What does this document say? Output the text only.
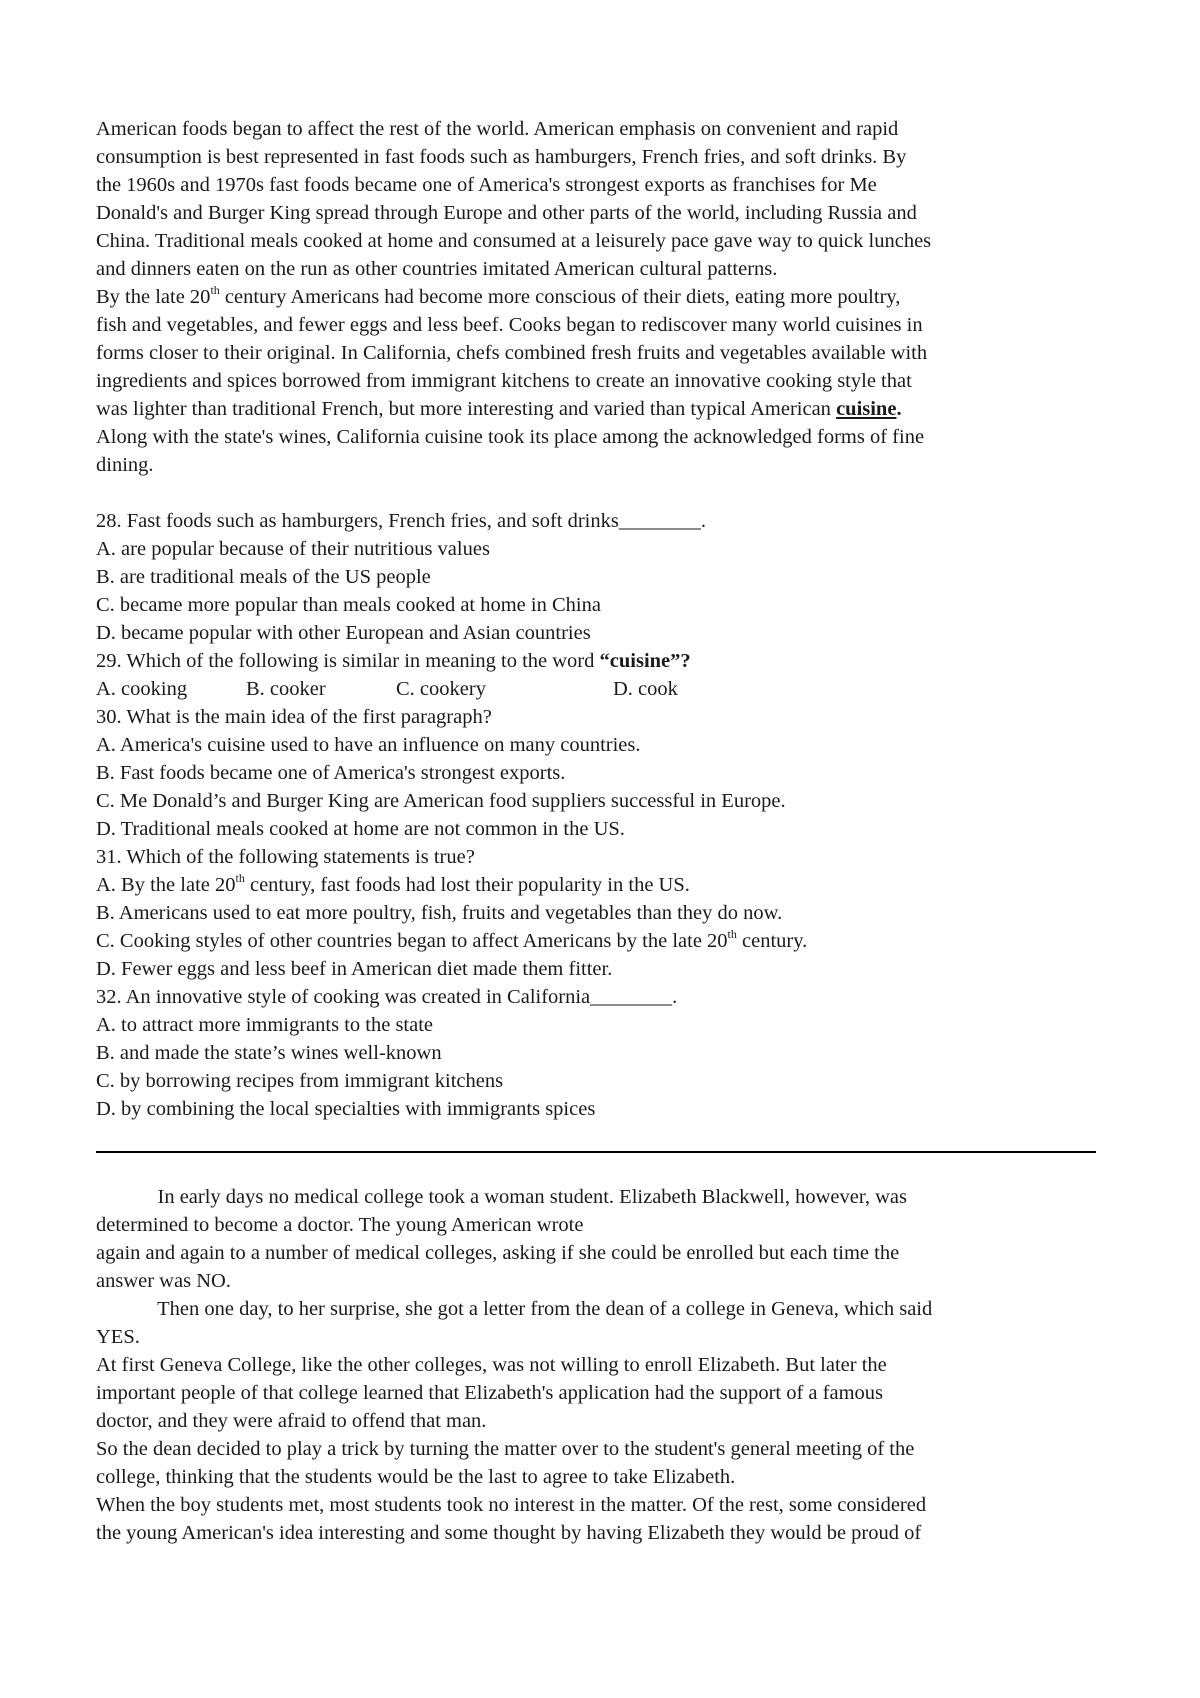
American foods began to affect the rest of the world. American emphasis on convenient and rapid
consumption is best represented in fast foods such as hamburgers, French fries, and soft drinks. By
the 1960s and 1970s fast foods became one of America's strongest exports as franchises for Me
Donald's and Burger King spread through Europe and other parts of the world, including Russia and
China. Traditional meals cooked at home and consumed at a leisurely pace gave way to quick lunches
and dinners eaten on the run as other countries imitated American cultural patterns.
By the late 20th century Americans had become more conscious of their diets, eating more poultry,
fish and vegetables, and fewer eggs and less beef. Cooks began to rediscover many world cuisines in
forms closer to their original. In California, chefs combined fresh fruits and vegetables available with
ingredients and spices borrowed from immigrant kitchens to create an innovative cooking style that
was lighter than traditional French, but more interesting and varied than typical American cuisine.
Along with the state's wines, California cuisine took its place among the acknowledged forms of fine
dining.
28. Fast foods such as hamburgers, French fries, and soft drinks________.
A. are popular because of their nutritious values
B. are traditional meals of the US people
C. became more popular than meals cooked at home in China
D. became popular with other European and Asian countries
29. Which of the following is similar in meaning to the word “cuisine”?
A. cooking	B. cooker	C. cookery	D. cook
30. What is the main idea of the first paragraph?
A. America's cuisine used to have an influence on many countries.
B. Fast foods became one of America's strongest exports.
C. Me Donald’s and Burger King are American food suppliers successful in Europe.
D. Traditional meals cooked at home are not common in the US.
31. Which of the following statements is true?
A. By the late 20th century, fast foods had lost their popularity in the US.
B. Americans used to eat more poultry, fish, fruits and vegetables than they do now.
C. Cooking styles of other countries began to affect Americans by the late 20th century.
D. Fewer eggs and less beef in American diet made them fitter.
32. An innovative style of cooking was created in California________.
A. to attract more immigrants to the state
B. and made the state’s wines well-known
C. by borrowing recipes from immigrant kitchens
D. by combining the local specialties with immigrants spices
In early days no medical college took a woman student. Elizabeth Blackwell, however, was
determined to become a doctor. The young American wrote
again and again to a number of medical colleges, asking if she could be enrolled but each time the
answer was NO.
Then one day, to her surprise, she got a letter from the dean of a college in Geneva, which said
YES.
At first Geneva College, like the other colleges, was not willing to enroll Elizabeth. But later the
important people of that college learned that Elizabeth's application had the support of a famous
doctor, and they were afraid to offend that man.
So the dean decided to play a trick by turning the matter over to the student's general meeting of the
college, thinking that the students would be the last to agree to take Elizabeth.
When the boy students met, most students took no interest in the matter. Of the rest, some considered
the young American's idea interesting and some thought by having Elizabeth they would be proud of
